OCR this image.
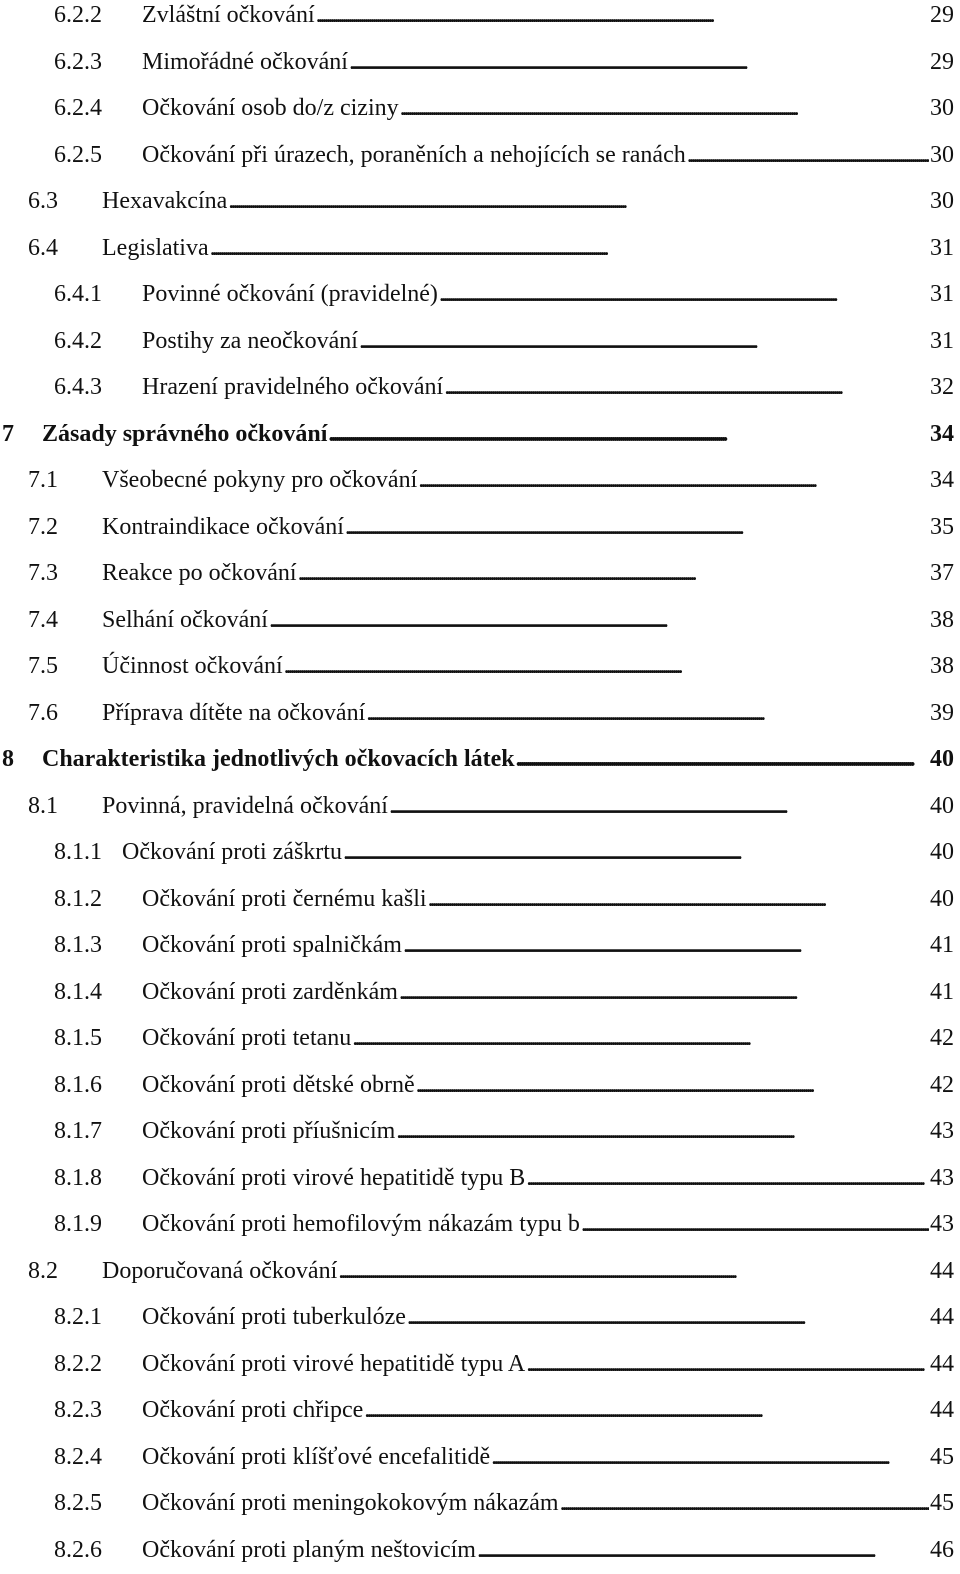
6.2.2 Zvláštní očkování . . .	29
6.2.3 Mimořádné očkování . . .	29
6.2.4 Očkování osob do/z ciziny . . .	30
6.2.5 Očkování při úrazech, poraněních a nehojících se ranách . . .	30
6.3 Hexavakcína . . .	30
6.4 Legislativa . . .	31
6.4.1 Povinné očkování (pravidelné) . . .	31
6.4.2 Postihy za neočkování . . .	31
6.4.3 Hrazení pravidelného očkování . . .	32
7 Zásady správného očkování . . .	34
7.1 Všeobecné pokyny pro očkování . . .	34
7.2 Kontraindikace očkování . . .	35
7.3 Reakce po očkování . . .	37
7.4 Selhání očkování . . .	38
7.5 Účinnost očkování . . .	38
7.6 Příprava dítěte na očkování . . .	39
8 Charakteristika jednotlivých očkovacích látek . . .	40
8.1 Povinná, pravidelná očkování . . .	40
8.1.1 Očkování proti záškrtu . . .	40
8.1.2 Očkování proti černému kašli . . .	40
8.1.3 Očkování proti spalničkám . . .	41
8.1.4 Očkování proti zarděnkám . . .	41
8.1.5 Očkování proti tetanu . . .	42
8.1.6 Očkování proti dětské obrně . . .	42
8.1.7 Očkování proti příušnicím . . .	43
8.1.8 Očkování proti virové hepatitidě typu B . . .	43
8.1.9 Očkování proti hemofilovým nákazám typu b . . .	43
8.2 Doporučovaná očkování . . .	44
8.2.1 Očkování proti tuberkulóze . . .	44
8.2.2 Očkování proti virové hepatitidě typu A . . .	44
8.2.3 Očkování proti chřipce . . .	44
8.2.4 Očkování proti klíšťové encefalitidě . . .	45
8.2.5 Očkování proti meningokokovým nákazám . . .	45
8.2.6 Očkování proti planým neštovicím . . .	46
